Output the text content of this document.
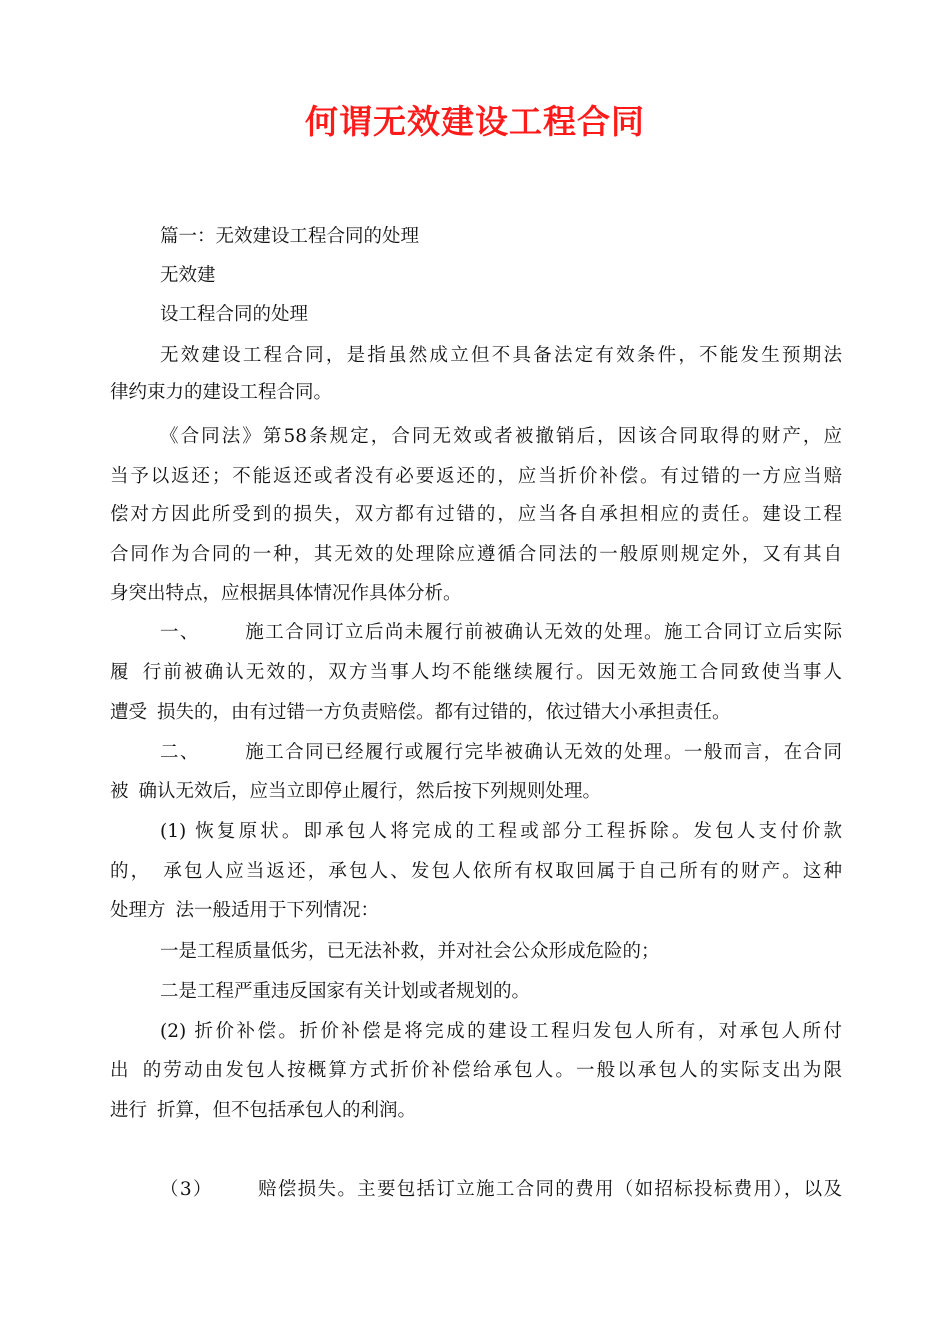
何谓无效建设工程合同

篇一：无效建设工程合同的处理

无效建

设工程合同的处理

无效建设工程合同，是指虽然成立但不具备法定有效条件，不能发生预期法

律约束力的建设工程合同。

《合同法》第58条规定，合同无效或者被撤销后，因该合同取得的财产，应

当予以返还；不能返还或者没有必要返还的，应当折价补偿。有过错的一方应当赔

偿对方因此所受到的损失，双方都有过错的，应当各自承担相应的责任。建设工程

合同作为合同的一种，其无效的处理除应遵循合同法的一般原则规定外，又有其自

身突出特点，应根据具体情况作具体分析。

一、 施工合同订立后尚未履行前被确认无效的处理。施工合同订立后实际

履 行前被确认无效的，双方当事人均不能继续履行。因无效施工合同致使当事人

遭受 损失的，由有过错一方负责赔偿。都有过错的，依过错大小承担责任。

二、 施工合同已经履行或履行完毕被确认无效的处理。一般而言，在合同

被 确认无效后，应当立即停止履行，然后按下列规则处理。

(1) 恢复原状。即承包人将完成的工程或部分工程拆除。发包人支付价款

的， 承包人应当返还，承包人、发包人依所有权取回属于自己所有的财产。这种

处理方 法一般适用于下列情况：

一是工程质量低劣，已无法补救，并对社会公众形成危险的；

二是工程严重违反国家有关计划或者规划的。

(2) 折价补偿。折价补偿是将完成的建设工程归发包人所有，对承包人所付

出 的劳动由发包人按概算方式折价补偿给承包人。一般以承包人的实际支出为限

进行 折算，但不包括承包人的利润。

（3） 赔偿损失。主要包括订立施工合同的费用（如招标投标费用），以及
